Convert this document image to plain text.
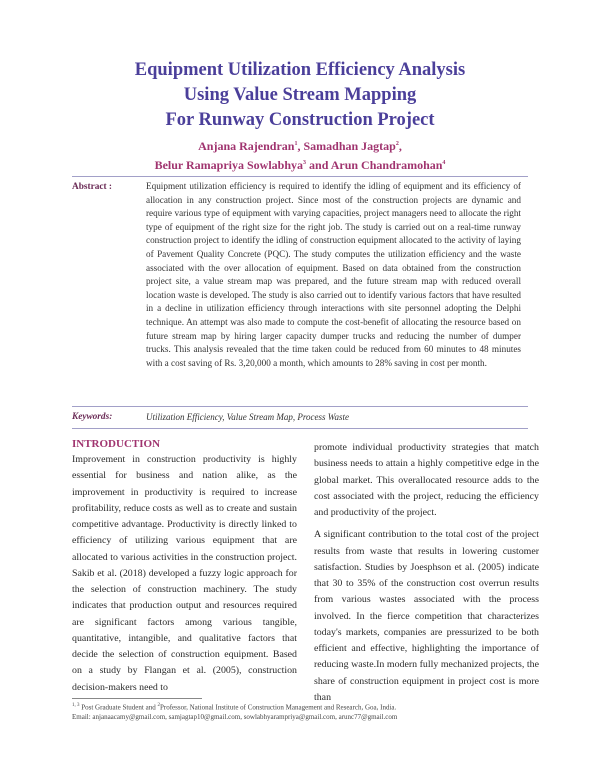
Equipment Utilization Efficiency Analysis
Using Value Stream Mapping
For Runway Construction Project
Anjana Rajendran$^1$, Samadhan Jagtap$^2$,
Belur Ramapriya Sowlabhya$^3$ and Arun Chandramohan$^4$
Abstract :	Equipment utilization efficiency is required to identify the idling of equipment and its efficiency of allocation in any construction project. Since most of the construction projects are dynamic and require various type of equipment with varying capacities, project managers need to allocate the right type of equipment of the right size for the right job. The study is carried out on a real-time runway construction project to identify the idling of construction equipment allocated to the activity of laying of Pavement Quality Concrete (PQC). The study computes the utilization efficiency and the waste associated with the over allocation of equipment. Based on data obtained from the construction project site, a value stream map was prepared, and the future stream map with reduced overall location waste is developed. The study is also carried out to identify various factors that have resulted in a decline in utilization efficiency through interactions with site personnel adopting the Delphi technique. An attempt was also made to compute the cost-benefit of allocating the resource based on future stream map by hiring larger capacity dumper trucks and reducing the number of dumper trucks. This analysis revealed that the time taken could be reduced from 60 minutes to 48 minutes with a cost saving of Rs. 3,20,000 a month, which amounts to 28% saving in cost per month.
Keywords:	Utilization Efficiency, Value Stream Map, Process Waste
INTRODUCTION

Improvement in construction productivity is highly essential for business and nation alike, as the improvement in productivity is required to increase profitability, reduce costs as well as to create and sustain competitive advantage. Productivity is directly linked to efficiency of utilizing various equipment that are allocated to various activities in the construction project. Sakib et al. (2018) developed a fuzzy logic approach for the selection of construction machinery. The study indicates that production output and resources required are significant factors among various tangible, quantitative, intangible, and qualitative factors that decide the selection of construction equipment. Based on a study by Flangan et al. (2005), construction decision-makers need to

promote individual productivity strategies that match business needs to attain a highly competitive edge in the global market. This overallocated resource adds to the cost associated with the project, reducing the efficiency and productivity of the project.

A significant contribution to the total cost of the project results from waste that results in lowering customer satisfaction. Studies by Joesphson et al. (2005) indicate that 30 to 35% of the construction cost overrun results from various wastes associated with the process involved. In the fierce competition that characterizes today's markets, companies are pressurized to be both efficient and effective, highlighting the importance of reducing waste.In modern fully mechanized projects, the share of construction equipment in project cost is more than

$^{1, 3}$ Post Graduate Student and $^2$Professor, National Institute of Construction Management and Research, Goa, India.
Email: anjanaacamy@gmail.com, samjagtap10@gmail.com, sowlabhyarampriya@gmail.com, arunc77@gmail.com
